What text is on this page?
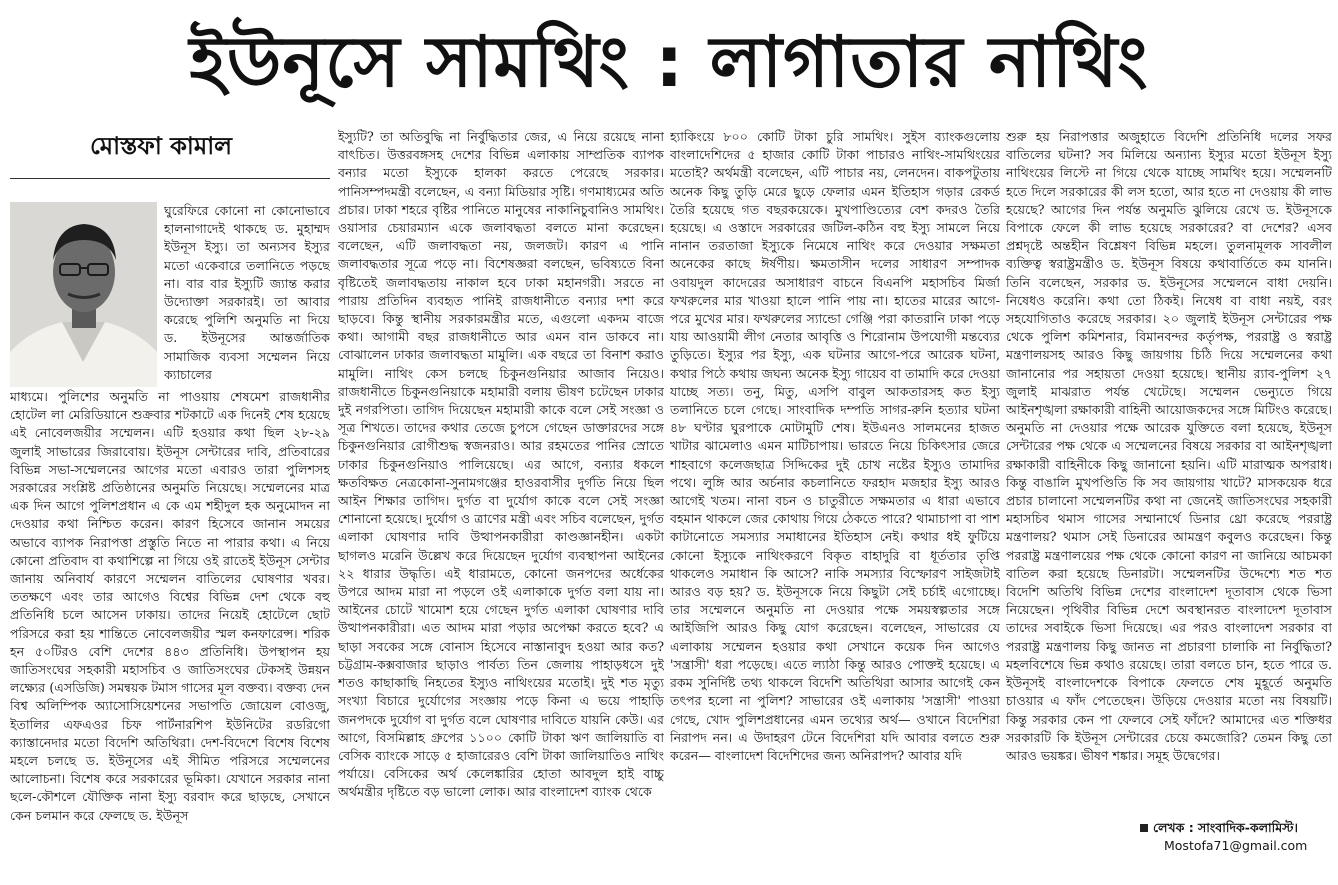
ইউনূসে সামথিং : লাগাতার নাথিং
মোস্তফা কামাল

ঘুরেফিরে কোনো না কোনোভাবে হালনাগাদেই থাকছে ড. মুহাম্মদ ইউনূস ইস্যু। তা অন্যসব ইস্যুর মতো একেবারে তলানিতে পড়ছে না। বার বার ইস্যুটি জ্যান্ত করার উদ্যোক্তা সরকারই। তা আবার করেছে পুলিশি অনুমতি না দিয়ে ড. ইউনূসের আন্তর্জাতিক সামাজিক ব্যবসা সম্মেলন নিয়ে ক্যাচালের

মাধ্যমে। পুলিশের অনুমতি না পাওয়ায় শেষমেশ রাজধানীর হোটেল লা মেরিডিয়ানে শুক্রবার শটকাটে এক দিনেই শেষ হয়েছে এই নোবেলজয়ীর সম্মেলন। এটি হওয়ার কথা ছিল ২৮-২৯ জুলাই সাভারের জিরাবোয়। ইউনূস সেন্টারের দাবি, প্রতিবারের বিভিন্ন সভা-সম্মেলনের আগের মতো এবারও তারা পুলিশসহ সরকারের সংশ্লিষ্ট প্রতিষ্ঠানের অনুমতি নিয়েছে। সম্মেলনের মাত্র এক দিন আগে পুলিশপ্রধান এ কে এম শহীদুল হক অনুমোদন না দেওয়ার কথা নিশ্চিত করেন। কারণ হিসেবে জানান সময়ের অভাবে ব্যাপক নিরাপত্তা প্রস্তুতি নিতে না পারার কথা। এ নিয়ে কোনো প্রতিবাদ বা কথাশিল্পে না গিয়ে ওই রাতেই ইউনূস সেন্টার জানায় অনিবার্য কারণে সম্মেলন বাতিলের ঘোষণার খবর। ততক্ষণে এবং তার আগেও বিশ্বের বিভিন্ন দেশ থেকে বহু প্রতিনিধি চলে আসেন ঢাকায়। তাদের নিয়েই হোটেলে ছোট পরিসরে করা হয় শান্তিতে নোবেলজয়ীর স্মল কনফারেন্স। শরিক হন ৫০টিরও বেশি দেশের ৪৪৩ প্রতিনিধি। উপস্থাপন হয় জাতিসংঘের সহকারী মহাসচিব ও জাতিসংঘের টেকসই উন্নয়ন লক্ষ্যের (এসডিজি) সমন্বয়ক টমাস গাসের মূল বক্তব্য। বক্তব্য দেন বিশ্ব অলিম্পিক অ্যাসোসিয়েশনের সভাপতি জোয়েল বোওজু, ইতালির এফএওর চিফ পার্টনারশিপ ইউনিটের রডরিগো ক্যাস্তানেদার মতো বিদেশি অতিথিরা। দেশ-বিদেশে বিশেষ বিশেষ মহলে চলছে ড. ইউনূসের এই সীমিত পরিসরে সম্মেলনের আলোচনা। বিশেষ করে সরকারের ভূমিকা। যেখানে সরকার নানা ছলে-কৌশলে যৌক্তিক নানা ইস্যু বরবাদ করে ছাড়ছে, সেখানে কেন চলমান করে ফেলছে ড. ইউনূস

ইস্যুটি? তা অতিবুদ্ধি না নির্বুদ্ধিতার জের, এ নিয়ে রয়েছে নানা বাৎচিত। উত্তরবঙ্গসহ দেশের বিভিন্ন এলাকায় সাম্প্রতিক ব্যাপক বন্যার মতো ইস্যুকে হালকা করতে পেরেছে সরকার। পানিসম্পদমন্ত্রী বলেছেন, এ বন্যা মিডিয়ার সৃষ্টি। গণমাধ্যমের অতি প্রচার। ঢাকা শহরে বৃষ্টির পানিতে মানুষের নাকানিচুবানিও সামথিং। ওয়াসার চেয়ারম্যান একে জলাবদ্ধতা বলতে মানা করেছেন। বলেছেন, এটি জলাবদ্ধতা নয়, জলজট। কারণ এ পানি জলাবদ্ধতার সূত্রে পড়ে না। বিশেষজ্ঞরা বলছেন, ভবিষ্যতে বিনা বৃষ্টিতেই জলাবদ্ধতায় নাকাল হবে ঢাকা মহানগরী। সরতে না পারায় প্রতিদিন ব্যবহৃত পানিই রাজধানীতে বন্যার দশা করে ছাড়বে। কিন্তু স্থানীয় সরকারমন্ত্রীর মতে, এগুলো একদম বাজে কথা। আগামী বছর রাজধানীতে আর এমন বান ডাকবে না। বোঝালেন ঢাকার জলাবদ্ধতা মামুলি। এক বছরে তা বিনাশ করাও মামুলি। নাথিং কেস চলছে চিকুনগুনিয়ার আজাব নিয়েও। রাজধানীতে চিকুনগুনিয়াকে মহামারী বলায় ভীষণ চটেছেন ঢাকার দুই নগরপিতা। তাগিদ দিয়েছেন মহামারী কাকে বলে সেই সংজ্ঞা ও সূত্র শিখতে। তাদের কথার তেজে চুপসে গেছেন ডাক্তারদের সঙ্গে চিকুনগুনিয়ার রোগীশুদ্ধ স্বজনরাও। আর রহমতের পানির স্রোতে ঢাকার চিকুনগুনিয়াও পালিয়েছে। এর আগে, বন্যার ধকলে ক্ষতবিক্ষত নেত্রকোনা-সুনামগঞ্জের হাওরবাসীর দুর্গতি নিয়ে ছিল আইন শিক্ষার তাগিদ। দুর্গত বা দুর্যোগ কাকে বলে সেই সংজ্ঞা শোনানো হয়েছে। দুর্যোগ ও ত্রাণের মন্ত্রী এবং সচিব বলেছেন, দুর্গত এলাকা ঘোষণার দাবি উত্থাপনকারীরা কাণ্ডজ্ঞানহীন। একটা ছাগলও মরেনি উল্লেখ করে দিয়েছেন দুর্যোগ ব্যবস্থাপনা আইনের ২২ ধারার উদ্ধৃতি। এই ধারামতে, কোনো জনপদের অর্ধেকের উপরে আদম মারা না পড়লে ওই এলাকাকে দুর্গত বলা যায় না। আইনের চোটে খামোশ হয়ে গেছেন দুর্গত এলাকা ঘোষণার দাবি উত্থাপনকারীরা। এত আদম মারা পড়ার অপেক্ষা করতে হবে? এ ছাড়া সবকের সঙ্গে বোনাস হিসেবে নাস্তানাবুদ হওয়া আর কত? চট্টগ্রাম-কক্সবাজার ছাড়াও পার্বত্য তিন জেলায় পাহাড়ধসে দুই শতও কাছাকাছি নিহতের ইস্যুও নাথিংয়ের মতোই। দুই শত মৃত্যু সংখ্যা বিচারে দুর্যোগের সংজ্ঞায় পড়ে কিনা এ ভয়ে পাহাড়ি জনপদকে দুর্যোগ বা দুর্গত বলে ঘোষণার দাবিতে যায়নি কেউ। এর আগে, বিসমিল্লাহ গ্রুপের ১১০০ কোটি টাকা ঋণ জালিয়াতি বা বেসিক ব্যাংকে সাড়ে ৫ হাজারেরও বেশি টাকা জালিয়াতিও নাথিং পর্যায়ে। বেসিকের অর্থ কেলেঙ্কারির হোতা আবদুল হাই বাচ্চু অর্থমন্ত্রীর দৃষ্টিতে বড় ভালো লোক। আর বাংলাদেশ ব্যাংক থেকে

হ্যাকিংয়ে ৮০০ কোটি টাকা চুরি সামথিং। সুইস ব্যাংকগুলোয় বাংলাদেশিদের ৫ হাজার কোটি টাকা পাচারও নাথিং-সামথিংয়ের মতোই? অর্থমন্ত্রী বলেছেন, এটি পাচার নয়, লেনদেন। বাকপটুতায় অনেক কিছু তুড়ি মেরে ছুড়ে ফেলার এমন ইতিহাস গড়ার রেকর্ড তৈরি হয়েছে গত বছরকয়েকে। মুখপাণ্ডিত্যের বেশ কদরও তৈরি হয়েছে। এ ওস্তাদে সরকারের জটিল-কঠিন বহু ইস্যু সামলে নিয়ে নানান তরতাজা ইস্যুকে নিমেষে নাথিং করে দেওয়ার সক্ষমতা অনেকের কাছে ঈর্ষণীয়। ক্ষমতাসীন দলের সাধারণ সম্পাদক ওবায়দুল কাদেরের অসাধারণ বাচনে বিএনপি মহাসচিব মির্জা ফখরুলের মার খাওয়া হালে পানি পায় না। হাতের মারের আগে-পরে মুখের মার। ফখরুলের স্যান্ডো গেঞ্জি পরা কাতরানি ঢাকা পড়ে যায় আওয়ামী লীগ নেতার আবৃত্তি ও শিরোনাম উপযোগী মন্তব্যের তুড়িতে। ইস্যুর পর ইস্যু, এক ঘটনার আগে-পরে আরেক ঘটনা, কথার পিঠে কথায় জঘন্য অনেক ইস্যু গায়েব বা তামাদি করে দেওয়া যাচ্ছে সত্য। তনু, মিতু, এসপি বাবুল আকতারসহ কত ইস্যু তলানিতে চলে গেছে। সাংবাদিক দম্পতি সাগর-রুনি হত্যার ঘটনা ৪৮ ঘণ্টার ঘুরপাকে মোটামুটি শেষ। ইউএনও সালমনের হাজত খাটার ঝামেলাও এমন মাটিচাপায়। ভারতে নিয়ে চিকিৎসার জেরে শাহবাগে কলেজছাত্র সিদ্দিকের দুই চোখ নষ্টের ইস্যুও তামাদির পথে। লুঙ্গি আর অর্চনার কচলানিতে ফরহাদ মজহার ইস্যু আরও আগেই খতম। নানা বচন ও চাতুরীতে সক্ষমতার এ ধারা এভাবে বহমান থাকলে জের কোথায় গিয়ে ঠেকতে পারে? থামাচাপা বা পাশ কাটানোতে সমস্যার সমাধানের ইতিহাস নেই। কথার ধই ফুটিয়ে কোনো ইস্যুকে নাথিংকরণে বিকৃত বাহাদুরি বা ধূর্ততার তৃপ্তি থাকলেও সমাধান কি আসে? নাকি সমস্যার বিস্ফোরণ সাইজটাই আরও বড় হয়? ড. ইউনূসকে নিয়ে কিছুটা সেই চর্চাই এগোচ্ছে। তার সম্মেলনে অনুমতি না দেওয়ার পক্ষে সময়স্বল্পতার সঙ্গে আইজিপি আরও কিছু যোগ করেছেন। বলেছেন, সাভারের যে এলাকায় সম্মেলন হওয়ার কথা সেখানে কয়েক দিন আগেও 'সন্ত্রাসী' ধরা পড়েছে। এতে ল্যাঠা কিন্তু আরও পোক্তই হয়েছে। এ রকম সুনির্দিষ্ট তথ্য থাকলে বিদেশি অতিথিরা আসার আগেই কেন তৎপর হলো না পুলিশ? সাভারের ওই এলাকায় 'সন্ত্রাসী' পাওয়া গেছে, খোদ পুলিশপ্রধানের এমন তথ্যের অর্থ— ওখানে বিদেশিরা নিরাপদ নন। এ উদাহরণ টেনে বিদেশিরা যদি আবার বলতে শুরু করেন— বাংলাদেশ বিদেশিদের জন্য অনিরাপদ? আবার যদি

শুরু হয় নিরাপত্তার অজুহাতে বিদেশি প্রতিনিধি দলের সফর বাতিলের ঘটনা? সব মিলিয়ে অন্যান্য ইস্যুর মতো ইউনূস ইস্যু নাথিংয়ের লিস্টে না গিয়ে থেকে যাচ্ছে সামথিং হয়ে। সম্মেলনটি হতে দিলে সরকারের কী লস হতো, আর হতে না দেওয়ায় কী লাভ হয়েছে? আগের দিন পর্যন্ত অনুমতি ঝুলিয়ে রেখে ড. ইউনূসকে বিপাকে ফেলে কী লাভ হয়েছে সরকারের? বা দেশের? এসব প্রশ্নদৃষ্টে অন্তহীন বিশ্লেষণ বিভিন্ন মহলে। তুলনামূলক সাবলীল ব্যক্তিত্ব স্বরাষ্ট্রমন্ত্রীও ড. ইউনূস বিষয়ে কথাবার্তিতে কম যাননি। তিনি বলেছেন, সরকার ড. ইউনূসের সম্মেলনে বাধা দেয়নি। নিষেধও করেনি। কথা তো ঠিকই। নিষেধ বা বাধা নয়ই, বরং সহযোগিতাও করেছে সরকার। ২০ জুলাই ইউনূস সেন্টারের পক্ষ থেকে পুলিশ কমিশনার, বিমানবন্দর কর্তৃপক্ষ, পররাষ্ট্র ও স্বরাষ্ট্র মন্ত্রণালয়সহ আরও কিছু জায়গায় চিঠি দিয়ে সম্মেলনের কথা জানানোর পর সহায়তা দেওয়া হয়েছে। স্থানীয় র‍্যাব-পুলিশ ২৭ জুলাই মাঝরাত পর্যন্ত খেটেছে। সম্মেলন ভেন্যুতে গিয়ে আইনশৃঙ্খলা রক্ষাকারী বাহিনী আয়োজকদের সঙ্গে মিটিংও করেছে। অনুমতি না দেওয়ার পক্ষে আরেক যুক্তিতে বলা হয়েছে, ইউনূস সেন্টারের পক্ষ থেকে এ সম্মেলনের বিষয়ে সরকার বা আইনশৃঙ্খলা রক্ষাকারী বাহিনীকে কিছু জানানো হয়নি। এটি মারাত্মক অপরাধ। কিন্তু বাঙালি মুখপণ্ডিতি কি সব জায়গায় খাটে? মাসকয়েক ধরে প্রচার চালানো সম্মেলনটির কথা না জেনেই জাতিসংঘের সহকারী মহাসচিব থমাস গাসের সম্মানার্থে ডিনার থ্রো করেছে পররাষ্ট্র মন্ত্রণালয়? থমাস সেই ডিনারের আমন্ত্রণ কবুলও করেছেন। কিন্তু পররাষ্ট্র মন্ত্রণালয়ের পক্ষ থেকে কোনো কারণ না জানিয়ে আচমকা বাতিল করা হয়েছে ডিনারটা। সম্মেলনটির উদ্দেশ্যে শত শত বিদেশি অতিথি বিভিন্ন দেশের বাংলাদেশ দূতাবাস থেকে ভিসা নিয়েছেন। পৃথিবীর বিভিন্ন দেশে অবস্থানরত বাংলাদেশ দূতাবাস তাদের সবাইকে ভিসা দিয়েছে। এর পরও বাংলাদেশ সরকার বা পররাষ্ট্র মন্ত্রণালয় কিছু জানত না প্রচারণা চালাকি না নির্বুদ্ধিতা? মহলবিশেষে ভিন্ন কথাও রয়েছে। তারা বলতে চান, হতে পারে ড. ইউনূসই বাংলাদেশকে বিপাকে ফেলতে শেষ মুহূর্তে অনুমতি চাওয়ার এ ফাঁদ পেতেছেন। উড়িয়ে দেওয়ার মতো নয় বিষয়টি। কিন্তু সরকার কেন পা ফেলবে সেই ফাঁদে? আমাদের এত শক্তিধর সরকারটি কি ইউনূস সেন্টারের চেয়ে কমজোরি? তেমন কিছু তো আরও ভয়ঙ্কর। ভীষণ শঙ্কার। সমূহ উদ্বেগের।

লেখক : সাংবাদিক-কলামিস্ট।
Mostofa71@gmail.com
